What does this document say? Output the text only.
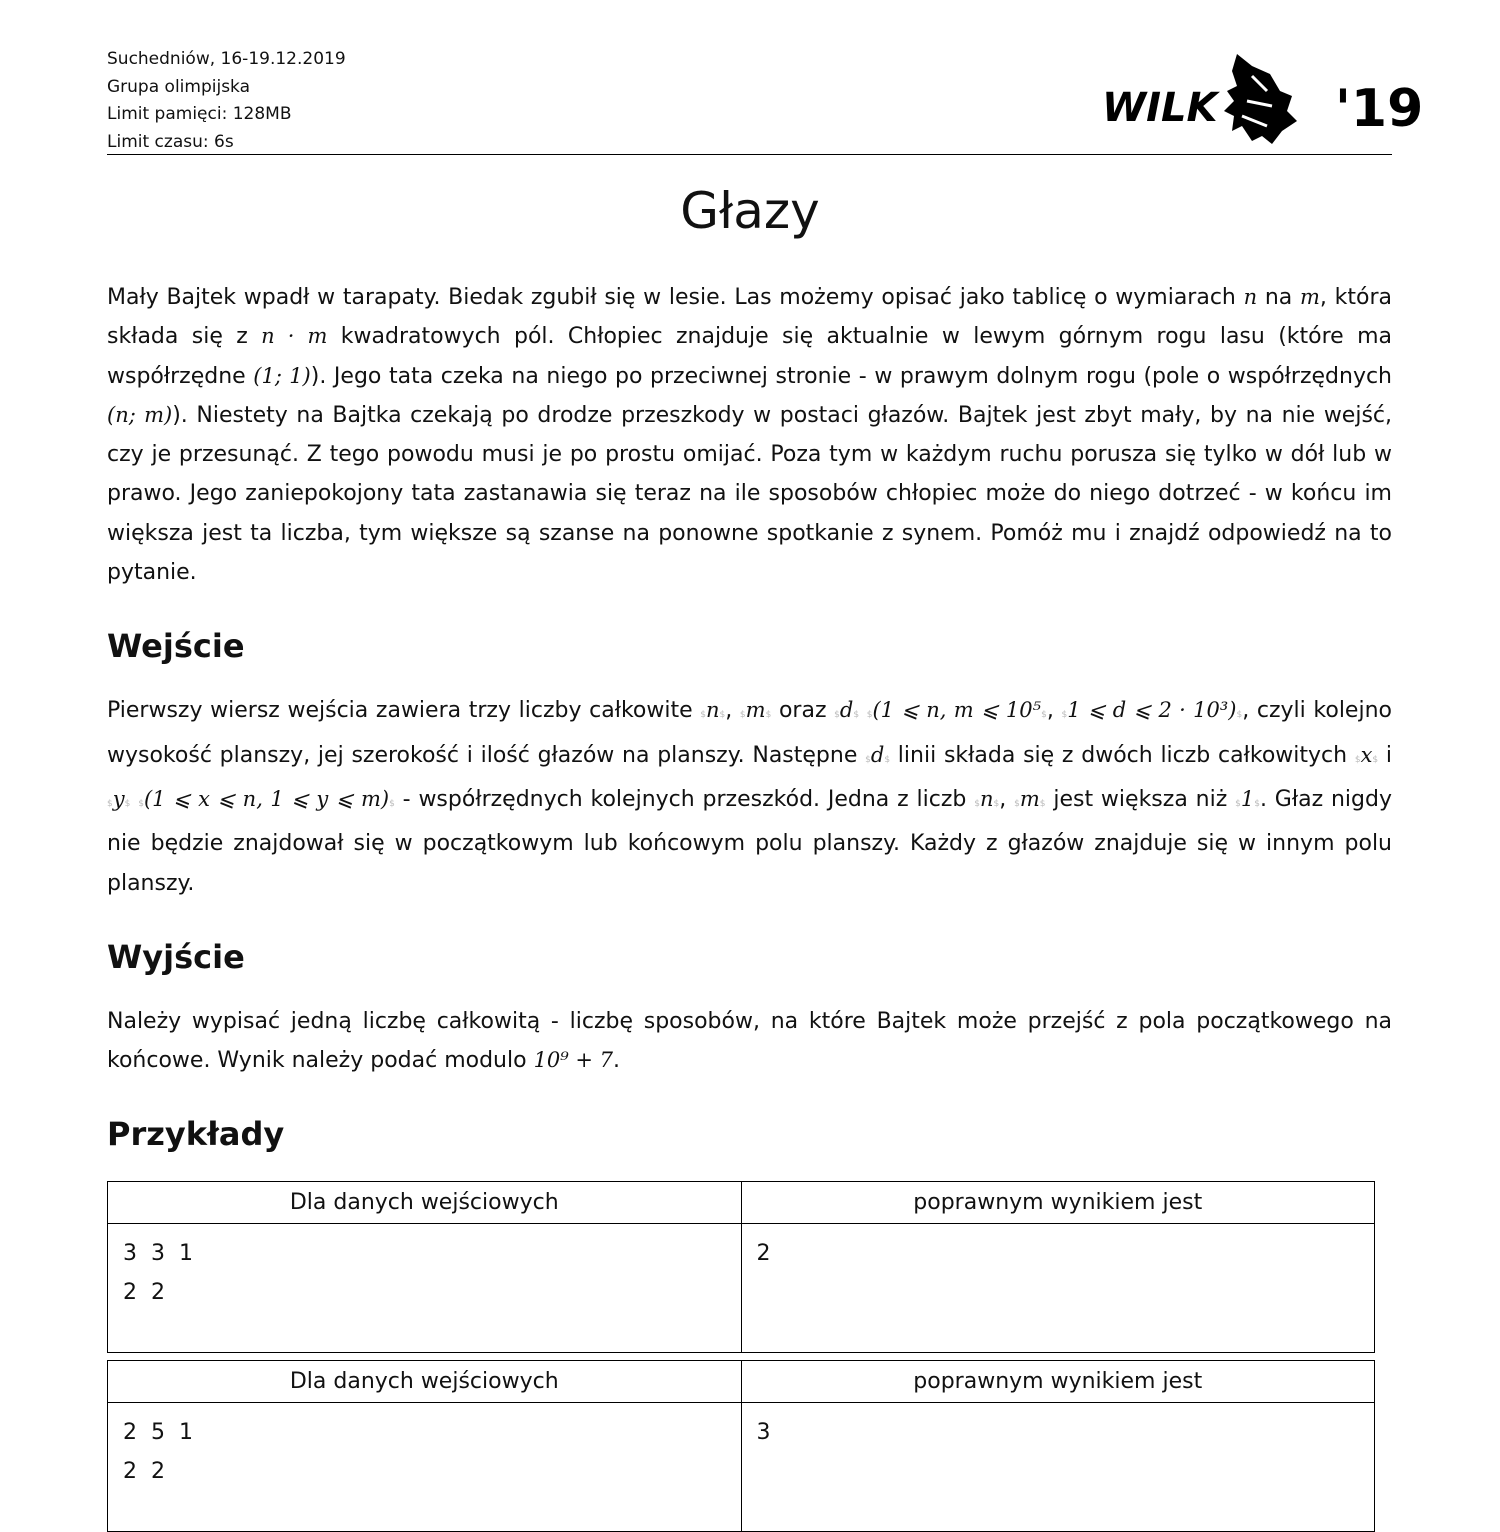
Suchedniów, 16-19.12.2019
Grupa olimpijska
Limit pamięci: 128MB
Limit czasu: 6s
WILK '19
Głazy

Mały Bajtek wpadł w tarapaty. Biedak zgubił się w lesie. Las możemy opisać jako tablicę o wymiarach n na m, która składa się z n · m kwadratowych pól. Chłopiec znajduje się aktualnie w lewym górnym rogu lasu (które ma współrzędne (1; 1)). Jego tata czeka na niego po przeciwnej stronie - w prawym dolnym rogu (pole o współrzędnych (n; m)). Niestety na Bajtka czekają po drodze przeszkody w postaci głazów. Bajtek jest zbyt mały, by na nie wejść, czy je przesunąć. Z tego powodu musi je po prostu omijać. Poza tym w każdym ruchu porusza się tylko w dół lub w prawo. Jego zaniepokojony tata zastanawia się teraz na ile sposobów chłopiec może do niego dotrzeć - w końcu im większa jest ta liczba, tym większe są szanse na ponowne spotkanie z synem. Pomóż mu i znajdź odpowiedź na to pytanie.

Wejście

Pierwszy wiersz wejścia zawiera trzy liczby całkowite $n$, $m$ oraz $d$ $(1 ⩽ n, m ⩽ 10⁵$, $1 ⩽ d ⩽ 2 · 10³)$, czyli kolejno wysokość planszy, jej szerokość i ilość głazów na planszy. Następne $d$ linii składa się z dwóch liczb całkowitych $x$ i $y$ $(1 ⩽ x ⩽ n, 1 ⩽ y ⩽ m)$ - współrzędnych kolejnych przeszkód. Jedna z liczb $n$, $m$ jest większa niż $1$. Głaz nigdy nie będzie znajdował się w początkowym lub końcowym polu planszy. Każdy z głazów znajduje się w innym polu planszy.

Wyjście

Należy wypisać jedną liczbę całkowitą - liczbę sposobów, na które Bajtek może przejść z pola początkowego na końcowe. Wynik należy podać modulo 10⁹ + 7.

Przykłady
Dla danych wejściowych	poprawnym wynikiem jest
3  3  1
2  2	2
Dla danych wejściowych	poprawnym wynikiem jest
2  5  1
2  2	3
